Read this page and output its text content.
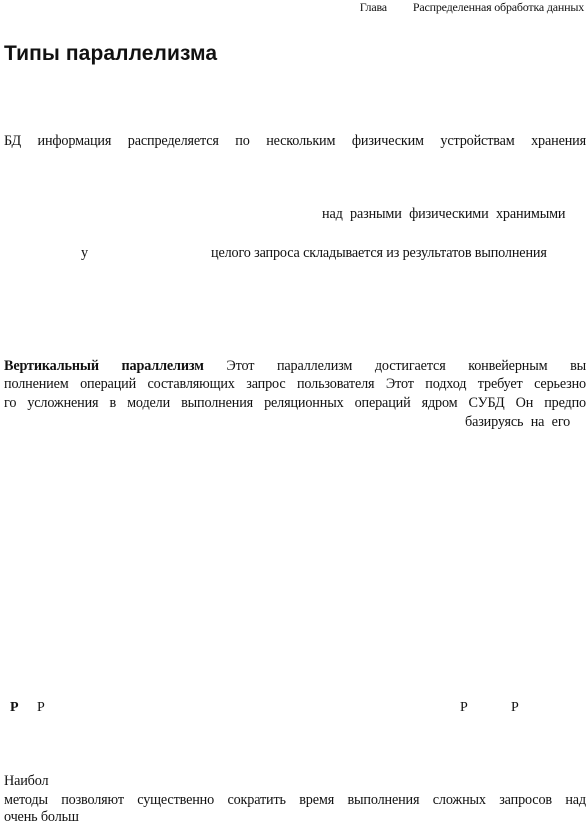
Глава Распределенная обработка данных
Типы параллелизма
БД информация распределяется по нескольким физическим устройствам хранения
над разными физическими хранимыми
у	целого запроса складывается из результатов выполнения
Вертикальный параллелизм Этот параллелизм достигается конвейерным вы
полнением операций составляющих запрос пользователя Этот подход требует серьезно
го усложнения в модели выполнения реляционных операций ядром СУБД Он предпо
базируясь на его
P P	P	P
Наибол
методы позволяют существенно сократить время выполнения сложных запросов над
очень больш
